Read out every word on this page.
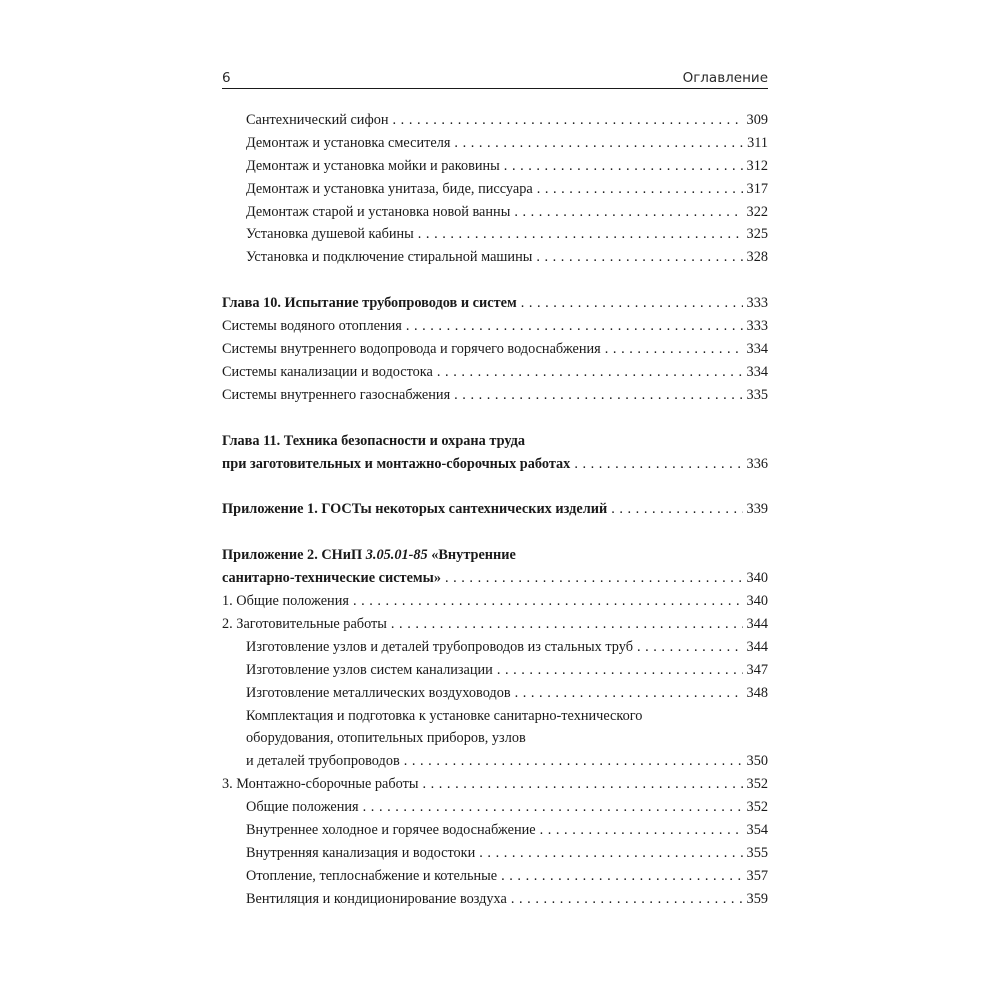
6	Оглавление
Сантехнический сифон .....	309
Демонтаж и установка смесителя .....	311
Демонтаж и установка мойки и раковины .....	312
Демонтаж и установка унитаза, биде, писсуара .....	317
Демонтаж старой и установка новой ванны .....	322
Установка душевой кабины .....	325
Установка и подключение стиральной машины .....	328
Глава 10. Испытание трубопроводов и систем .....	333
Системы водяного отопления .....	333
Системы внутреннего водопровода и горячего водоснабжения .....	334
Системы канализации и водостока .....	334
Системы внутреннего газоснабжения .....	335
Глава 11. Техника безопасности и охрана труда
при заготовительных и монтажно-сборочных работах .....	336
Приложение 1. ГОСТы некоторых сантехнических изделий .....	339
Приложение 2. СНиП 3.05.01-85 «Внутренние
санитарно-технические системы» .....	340
1. Общие положения .....	340
2. Заготовительные работы .....	344
Изготовление узлов и деталей трубопроводов из стальных труб .....	344
Изготовление узлов систем канализации .....	347
Изготовление металлических воздуховодов .....	348
Комплектация и подготовка к установке санитарно-технического
оборудования, отопительных приборов, узлов
и деталей трубопроводов .....	350
3. Монтажно-сборочные работы .....	352
Общие положения .....	352
Внутреннее холодное и горячее водоснабжение .....	354
Внутренняя канализация и водостоки .....	355
Отопление, теплоснабжение и котельные .....	357
Вентиляция и кондиционирование воздуха .....	359
